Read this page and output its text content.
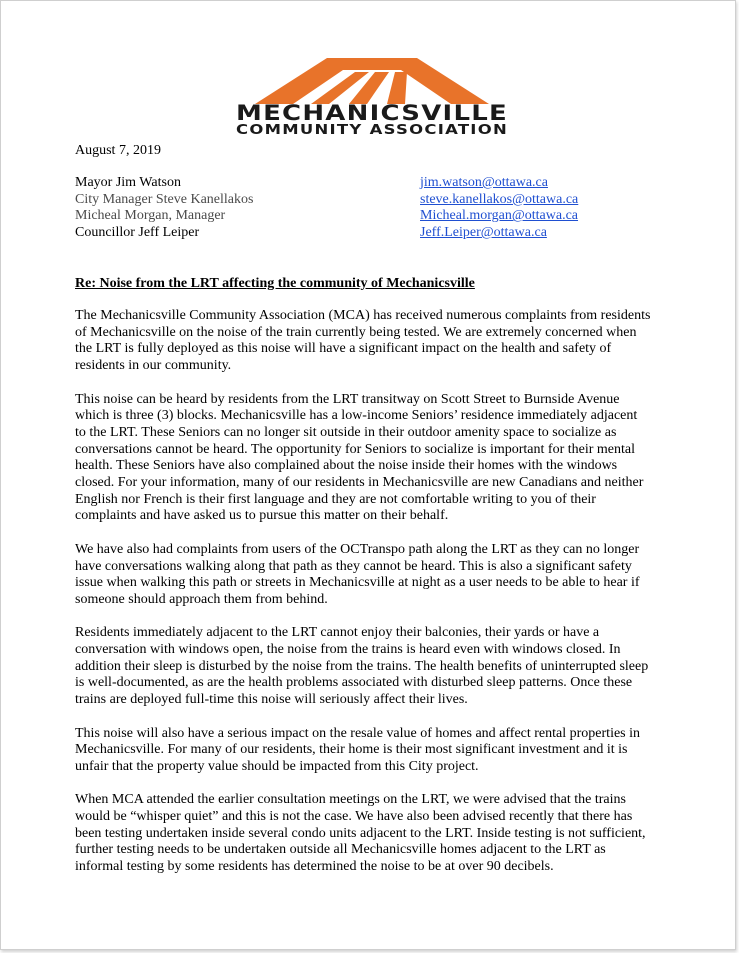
MECHANICSVILLE
COMMUNITY ASSOCIATION
August 7, 2019
Mayor Jim Watson	jim.watson@ottawa.ca
City Manager Steve Kanellakos	steve.kanellakos@ottawa.ca
Micheal Morgan, Manager	Micheal.morgan@ottawa.ca
Councillor Jeff Leiper	Jeff.Leiper@ottawa.ca
Re: Noise from the LRT affecting the community of Mechanicsville

The Mechanicsville Community Association (MCA) has received numerous complaints from residents
of Mechanicsville on the noise of the train currently being tested. We are extremely concerned when
the LRT is fully deployed as this noise will have a significant impact on the health and safety of
residents in our community.

This noise can be heard by residents from the LRT transitway on Scott Street to Burnside Avenue
which is three (3) blocks. Mechanicsville has a low-income Seniors’ residence immediately adjacent
to the LRT. These Seniors can no longer sit outside in their outdoor amenity space to socialize as
conversations cannot be heard. The opportunity for Seniors to socialize is important for their mental
health. These Seniors have also complained about the noise inside their homes with the windows
closed. For your information, many of our residents in Mechanicsville are new Canadians and neither
English nor French is their first language and they are not comfortable writing to you of their
complaints and have asked us to pursue this matter on their behalf.

We have also had complaints from users of the OCTranspo path along the LRT as they can no longer
have conversations walking along that path as they cannot be heard. This is also a significant safety
issue when walking this path or streets in Mechanicsville at night as a user needs to be able to hear if
someone should approach them from behind.

Residents immediately adjacent to the LRT cannot enjoy their balconies, their yards or have a
conversation with windows open, the noise from the trains is heard even with windows closed. In
addition their sleep is disturbed by the noise from the trains. The health benefits of uninterrupted sleep
is well-documented, as are the health problems associated with disturbed sleep patterns. Once these
trains are deployed full-time this noise will seriously affect their lives.

This noise will also have a serious impact on the resale value of homes and affect rental properties in
Mechanicsville. For many of our residents, their home is their most significant investment and it is
unfair that the property value should be impacted from this City project.

When MCA attended the earlier consultation meetings on the LRT, we were advised that the trains
would be “whisper quiet” and this is not the case. We have also been advised recently that there has
been testing undertaken inside several condo units adjacent to the LRT. Inside testing is not sufficient,
further testing needs to be undertaken outside all Mechanicsville homes adjacent to the LRT as
informal testing by some residents has determined the noise to be at over 90 decibels.
